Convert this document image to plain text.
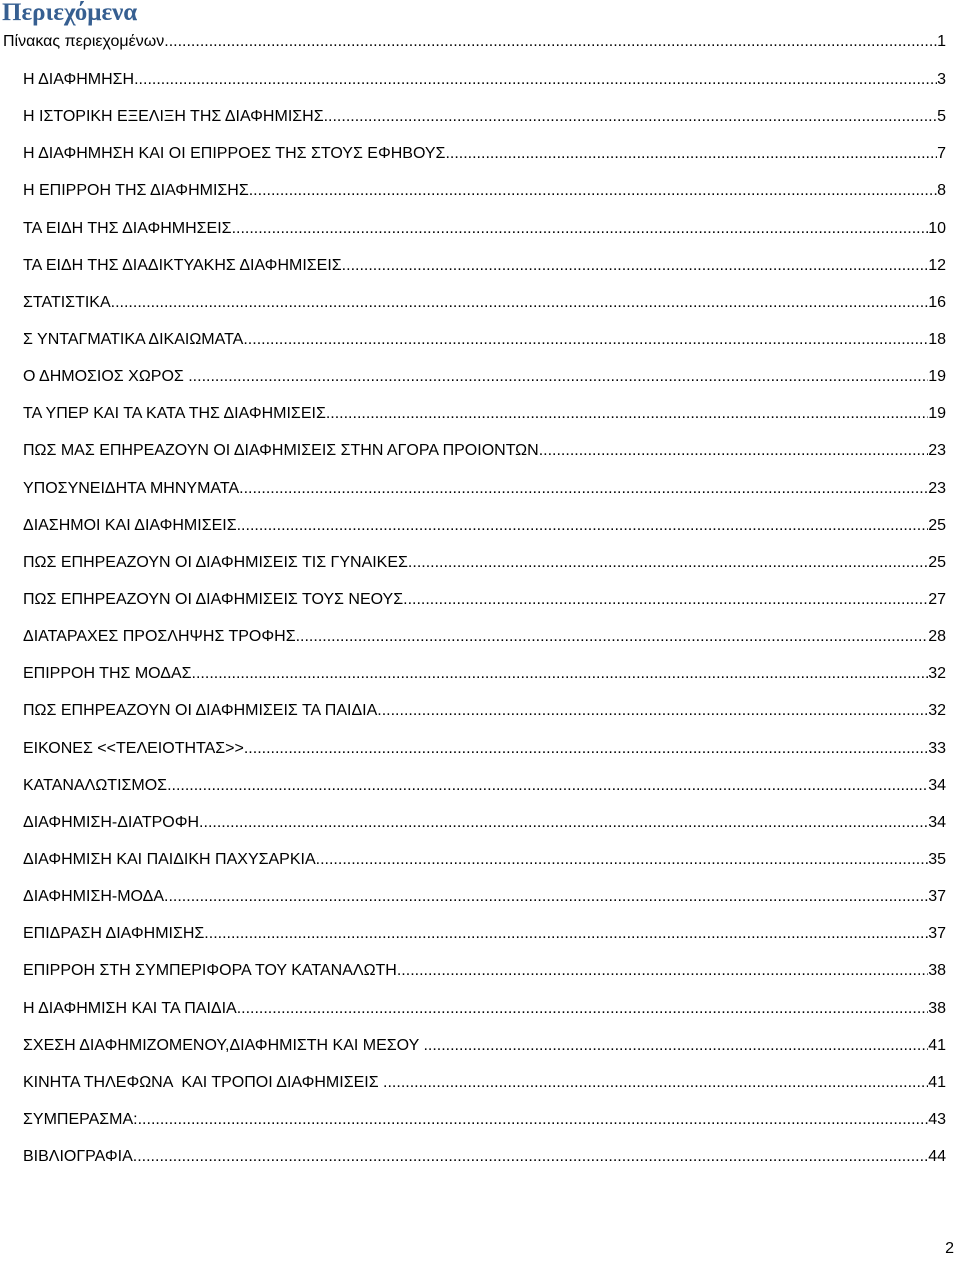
Περιεχόμενα
Πίνακας περιεχομένων .....	1
Η ΔΙΑΦΗΜΗΣΗ .....	3
Η ΙΣΤΟΡΙΚΗ ΕΞΕΛΙΞΗ ΤΗΣ ΔΙΑΦΗΜΙΣΗΣ .....	5
Η ΔΙΑΦΗΜΗΣΗ ΚΑΙ ΟΙ ΕΠΙΡΡΟΕΣ ΤΗΣ ΣΤΟΥΣ ΕΦΗΒΟΥΣ .....	7
Η ΕΠΙΡΡΟΗ ΤΗΣ ΔΙΑΦΗΜΙΣΗΣ .....	8
ΤΑ ΕΙΔΗ ΤΗΣ ΔΙΑΦΗΜΗΣΕΙΣ .....	10
ΤΑ ΕΙΔΗ ΤΗΣ ΔΙΑΔΙΚΤΥΑΚΗΣ ΔΙΑΦΗΜΙΣΕΙΣ .....	12
ΣΤΑΤΙΣΤΙΚΑ .....	16
Σ ΥΝΤΑΓΜΑΤΙΚΑ ΔΙΚΑΙΩΜΑΤΑ .....	18
Ο ΔΗΜΟΣΙΟΣ ΧΩΡΟΣ .....	19
ΤΑ ΥΠΕΡ ΚΑΙ ΤΑ ΚΑΤΑ ΤΗΣ ΔΙΑΦΗΜΙΣΕΙΣ .....	19
ΠΩΣ ΜΑΣ ΕΠΗΡΕΑΖΟΥΝ ΟΙ ΔΙΑΦΗΜΙΣΕΙΣ ΣΤΗΝ ΑΓΟΡΑ ΠΡΟΙΟΝΤΩΝ .....	23
ΥΠΟΣΥΝΕΙΔΗΤΑ ΜΗΝΥΜΑΤΑ .....	23
ΔΙΑΣΗΜΟΙ ΚΑΙ ΔΙΑΦΗΜΙΣΕΙΣ .....	25
ΠΩΣ ΕΠΗΡΕΑΖΟΥΝ ΟΙ ΔΙΑΦΗΜΙΣΕΙΣ ΤΙΣ ΓΥΝΑΙΚΕΣ .....	25
ΠΩΣ ΕΠΗΡΕΑΖΟΥΝ ΟΙ ΔΙΑΦΗΜΙΣΕΙΣ ΤΟΥΣ ΝΕΟΥΣ. .....	27
ΔΙΑΤΑΡΑΧΕΣ ΠΡΟΣΛΗΨΗΣ ΤΡΟΦΗΣ .....	28
ΕΠΙΡΡΟΗ ΤΗΣ ΜΟΔΑΣ .....	32
ΠΩΣ ΕΠΗΡΕΑΖΟΥΝ ΟΙ ΔΙΑΦΗΜΙΣΕΙΣ ΤΑ ΠΑΙΔΙΑ. .....	32
ΕΙΚΟΝΕΣ <<ΤΕΛΕΙΟΤΗΤΑΣ>> .....	33
ΚΑΤΑΝΑΛΩΤΙΣΜΟΣ .....	34
ΔΙΑΦΗΜΙΣΗ-ΔΙΑΤΡΟΦΗ .....	34
ΔΙΑΦΗΜΙΣΗ ΚΑΙ ΠΑΙΔΙΚΗ ΠΑΧΥΣΑΡΚΙΑ .....	35
ΔΙΑΦΗΜΙΣΗ-ΜΟΔΑ .....	37
ΕΠΙΔΡΑΣΗ ΔΙΑΦΗΜΙΣΗΣ .....	37
ΕΠΙΡΡΟΗ ΣΤΗ ΣΥΜΠΕΡΙΦΟΡΑ ΤΟΥ ΚΑΤΑΝΑΛΩΤΗ .....	38
Η ΔΙΑΦΗΜΙΣΗ ΚΑΙ ΤΑ ΠΑΙΔΙΑ .....	38
ΣΧΕΣΗ ΔΙΑΦΗΜΙΖΟΜΕΝΟΥ,ΔΙΑΦΗΜΙΣΤΗ ΚΑΙ ΜΕΣΟΥ .....	41
ΚΙΝΗΤΑ ΤΗΛΕΦΩΝΑ  ΚΑΙ ΤΡΟΠΟΙ ΔΙΑΦΗΜΙΣΕΙΣ .....	41
ΣΥΜΠΕΡΑΣΜΑ: .....	43
ΒΙΒΛΙΟΓΡΑΦΙΑ .....	44
2
